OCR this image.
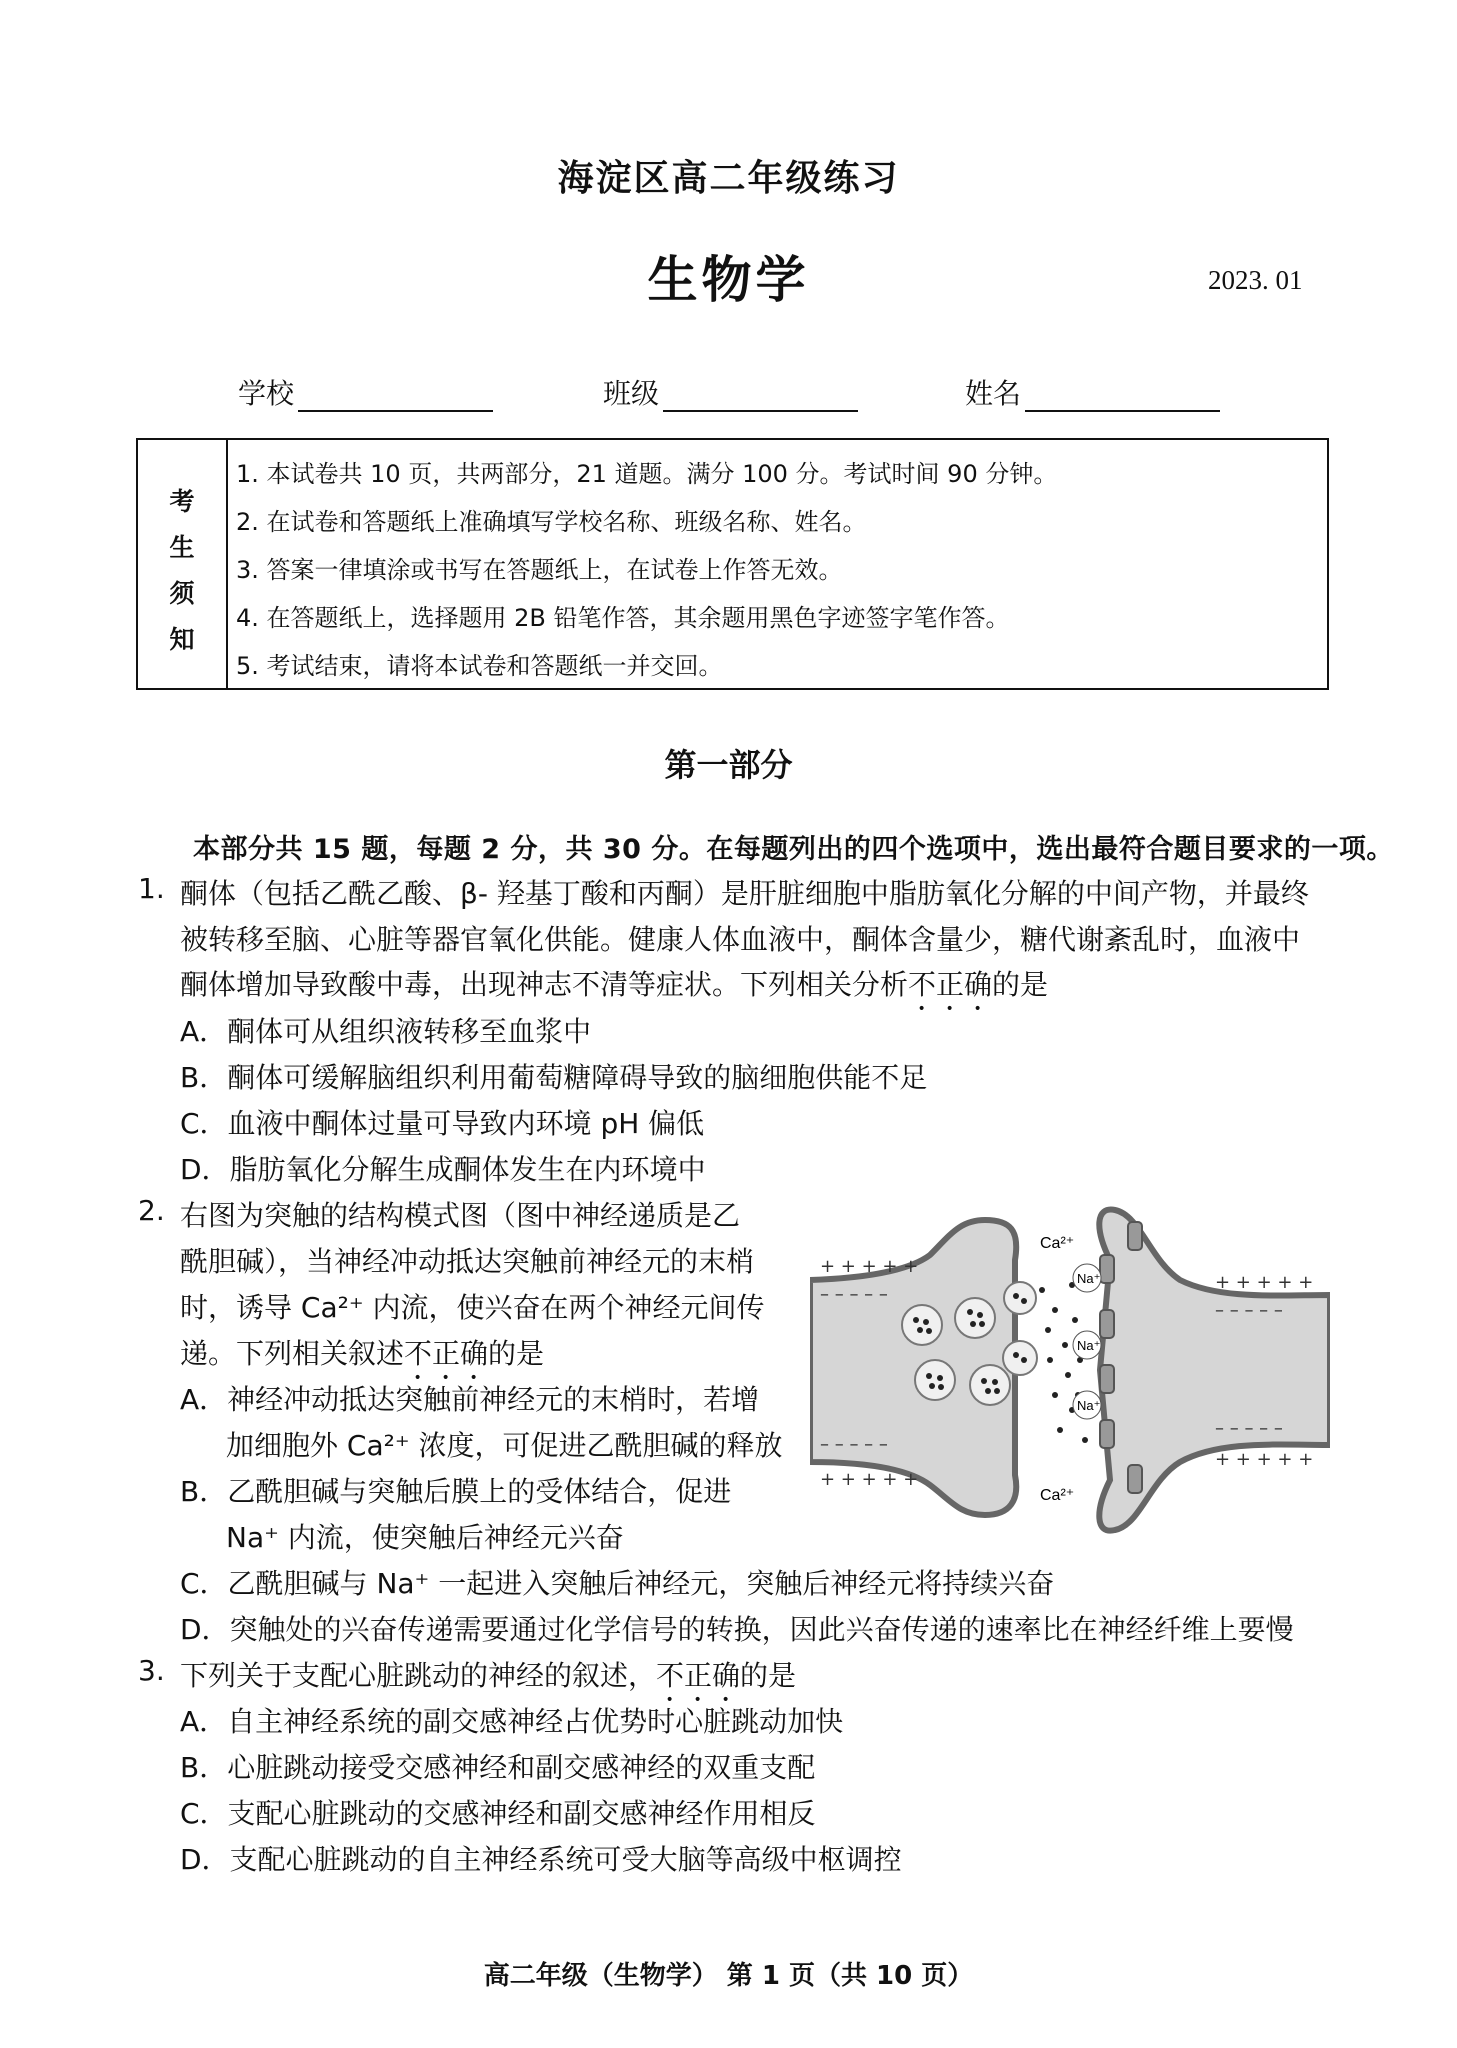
海淀区高二年级练习
生物学	2023. 01
学校	班级	姓名
考
生
须
知
1. 本试卷共 10 页，共两部分，21 道题。满分 100 分。考试时间 90 分钟。
2. 在试卷和答题纸上准确填写学校名称、班级名称、姓名。
3. 答案一律填涂或书写在答题纸上，在试卷上作答无效。
4. 在答题纸上，选择题用 2B 铅笔作答，其余题用黑色字迹签字笔作答。
5. 考试结束，请将本试卷和答题纸一并交回。
第一部分
本部分共 15 题，每题 2 分，共 30 分。在每题列出的四个选项中，选出最符合题目要求的一项。
1. 酮体（包括乙酰乙酸、β- 羟基丁酸和丙酮）是肝脏细胞中脂肪氧化分解的中间产物，并最终
被转移至脑、心脏等器官氧化供能。健康人体血液中，酮体含量少，糖代谢紊乱时，血液中
酮体增加导致酸中毒，出现神志不清等症状。下列相关分析不正确的是
A．酮体可从组织液转移至血浆中
B．酮体可缓解脑组织利用葡萄糖障碍导致的脑细胞供能不足
C．血液中酮体过量可导致内环境 pH 偏低
D．脂肪氧化分解生成酮体发生在内环境中
2. 右图为突触的结构模式图（图中神经递质是乙
酰胆碱），当神经冲动抵达突触前神经元的末梢
时，诱导 Ca²⁺ 内流，使兴奋在两个神经元间传
递。下列相关叙述不正确的是
A．神经冲动抵达突触前神经元的末梢时，若增
加细胞外 Ca²⁺ 浓度，可促进乙酰胆碱的释放
B．乙酰胆碱与突触后膜上的受体结合，促进
Na⁺ 内流，使突触后神经元兴奋
C．乙酰胆碱与 Na⁺ 一起进入突触后神经元，突触后神经元将持续兴奋
D．突触处的兴奋传递需要通过化学信号的转换，因此兴奋传递的速率比在神经纤维上要慢
Ca²⁺
Ca²⁺
Na⁺
Na⁺
Na⁺
+ + + + +
– – – – –
– – – – –
+ + + + +
+ + + + +
– – – – –
– – – – –
+ + + + +
3. 下列关于支配心脏跳动的神经的叙述，不正确的是
A．自主神经系统的副交感神经占优势时心脏跳动加快
B．心脏跳动接受交感神经和副交感神经的双重支配
C．支配心脏跳动的交感神经和副交感神经作用相反
D．支配心脏跳动的自主神经系统可受大脑等高级中枢调控
高二年级（生物学） 第 1 页（共 10 页）
